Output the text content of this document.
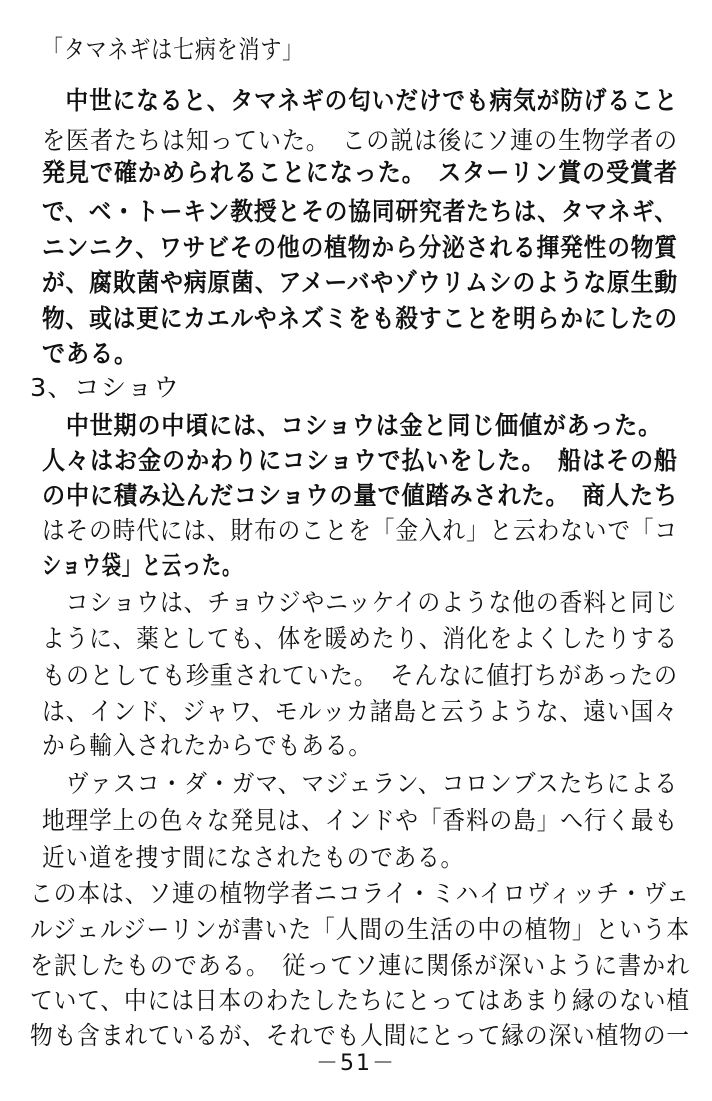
「タマネギは七病を消す」
　中世になると、タマネギの匂いだけでも病気が防げること
を医者たちは知っていた。　この説は後にソ連の生物学者の
発見で確かめられることになった。　スターリン賞の受賞者
で、ベ・トーキン教授とその協同研究者たちは、タマネギ、
ニンニク、ワサビその他の植物から分泌される揮発性の物質
が、腐敗菌や病原菌、アメーバやゾウリムシのような原生動
物、或は更にカエルやネズミをも殺すことを明らかにしたの
である。
3、コショウ
　中世期の中頃には、コショウは金と同じ価値があった。
人々はお金のかわりにコショウで払いをした。　船はその船
の中に積み込んだコショウの量で値踏みされた。　商人たち
はその時代には、財布のことを「金入れ」と云わないで「コ
ショウ袋」と云った。
　コショウは、チョウジやニッケイのような他の香料と同じ
ように、薬としても、体を暖めたり、消化をよくしたりする
ものとしても珍重されていた。　そんなに値打ちがあったの
は、インド、ジャワ、モルッカ諸島と云うような、遠い国々
から輸入されたからでもある。
　ヴァスコ・ダ・ガマ、マジェラン、コロンブスたちによる
地理学上の色々な発見は、インドや「香料の島」へ行く最も
近い道を捜す間になされたものである。
この本は、ソ連の植物学者ニコライ・ミハイロヴィッチ・ヴェ
ルジェルジーリンが書いた「人間の生活の中の植物」という本
を訳したものである。　従ってソ連に関係が深いように書かれ
ていて、中には日本のわたしたちにとってはあまり縁のない植
物も含まれているが、それでも人間にとって縁の深い植物の一
－51－
